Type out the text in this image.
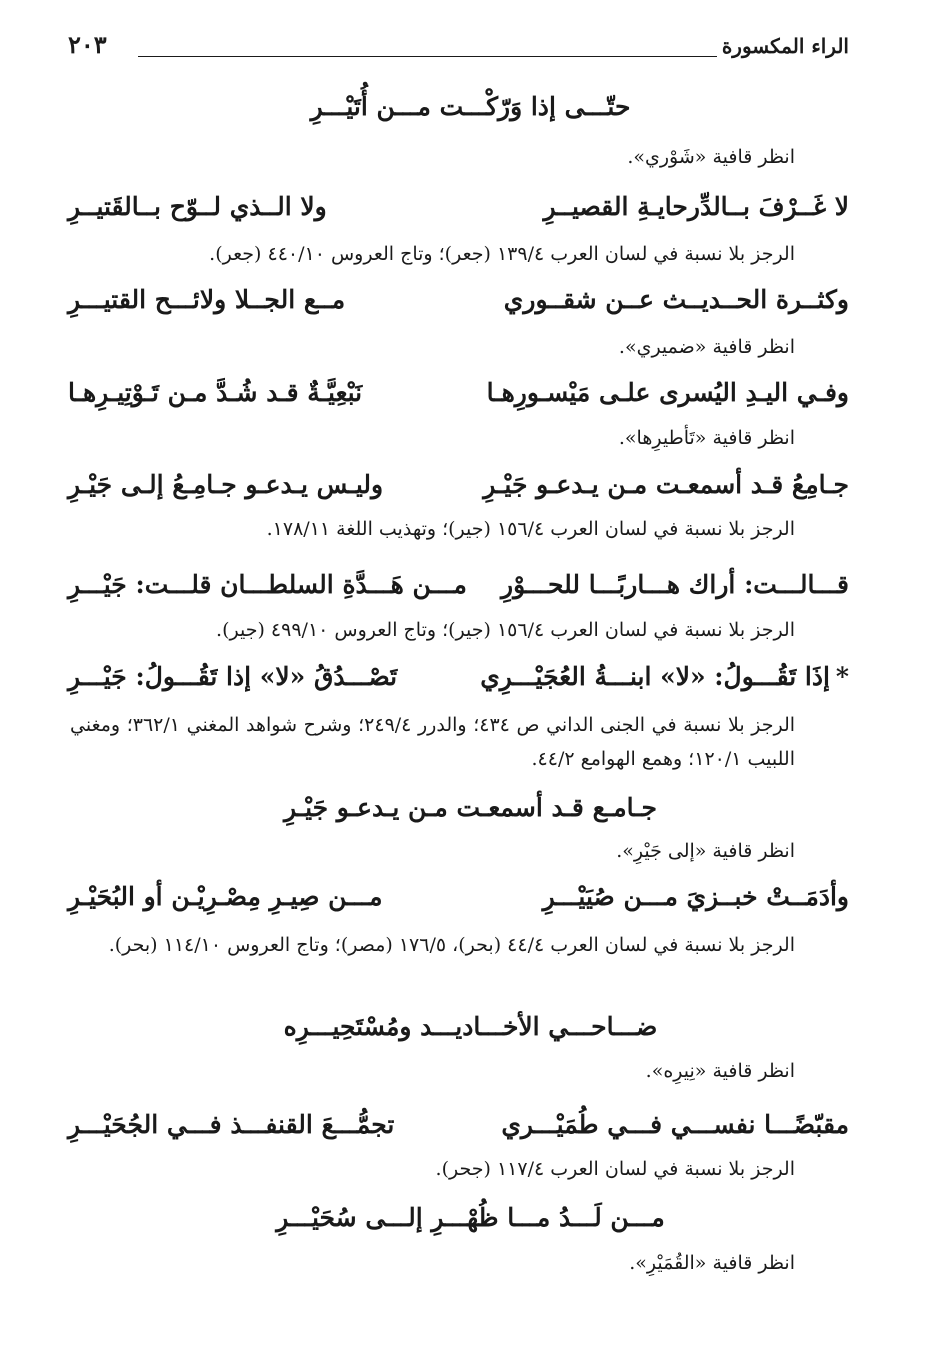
الراء المكسورة
٢٠٣
حتّـــى إذا وَرّكْـــت مـــن أُتَيْـــرِ
انظر قافية «شَوْري».
لا غَــرْفَ بــالدِّرحايـةِ القصيــرِ
ولا الــذي لــوّح بــالقَتيــرِ
الرجز بلا نسبة في لسان العرب ١٣٩/٤ (جعر)؛ وتاج العروس ٤٤٠/١٠ (جعر).
وكثــرة الحــديــث عــن شقــوري
مــع الجــلا ولائـــح القتيـــرِ
انظر قافية «ضميري».
وفـي اليـدِ اليُسرى علـى مَيْسـورِهـا
نَبْعِيَّـةٌ قـد شُـدَّ مـن تَـوْتِيـرِهـا
انظر قافية «تَأطيرِها».
جـامِعُ قـد أسمعـت مـن يـدعـو جَيْـرِ
وليـس يـدعـو جـامِـعُ إلـى جَيْـرِ
الرجز بلا نسبة في لسان العرب ١٥٦/٤ (جير)؛ وتهذيب اللغة ١٧٨/١١.
قـــالـــت: أراك هـــاربًـــا للحـــوْرِ
مـــن هَـــدَّةِ السلطـــان قلـــت: جَيْـــرِ
الرجز بلا نسبة في لسان العرب ١٥٦/٤ (جير)؛ وتاج العروس ٤٩٩/١٠ (جير).
*إذَا تَقُـــولُ: «لا» ابنـــةُ العُجَيْـــرِي
تَصْـــدُقُ «لا» إذا تَقُـــولُ: جَيْـــرِ
الرجز بلا نسبة في الجنى الداني ص ٤٣٤؛ والدرر ٢٤٩/٤؛ وشرح شواهد المغني ٣٦٢/١؛ ومغني اللبيب ١٢٠/١؛ وهمع الهوامع ٤٤/٢.
جـامـع قـد أسمعـت مـن يـدعـو جَيْـرِ
انظر قافية «إلى جَيْرِ».
وأدَمَــتْ خبــزيَ مـــن صُيَيْـــرِ
مـــن صِيـرِ مِصْـرِيْـن أو البُحَيْـرِ
الرجز بلا نسبة في لسان العرب ٤٤/٤ (بحر)، ١٧٦/٥ (مصر)؛ وتاج العروس ١١٤/١٠ (بحر).
ضـــاحـــي الأخـــاديـــد ومُسْتَحِيـــرِه
انظر قافية «نِيرِه».
مقبّضًـــا نفســـي فـــي طُمَيْـــري
تجمُّـــعَ القنفـــذ فـــي الجُحَيْـــرِ
الرجز بلا نسبة في لسان العرب ١١٧/٤ (جحر).
مـــن لَـــدُ مـــا ظُهْـــرِ إلـــى سُحَيْـــرِ
انظر قافية «القُمَيْرِ».
